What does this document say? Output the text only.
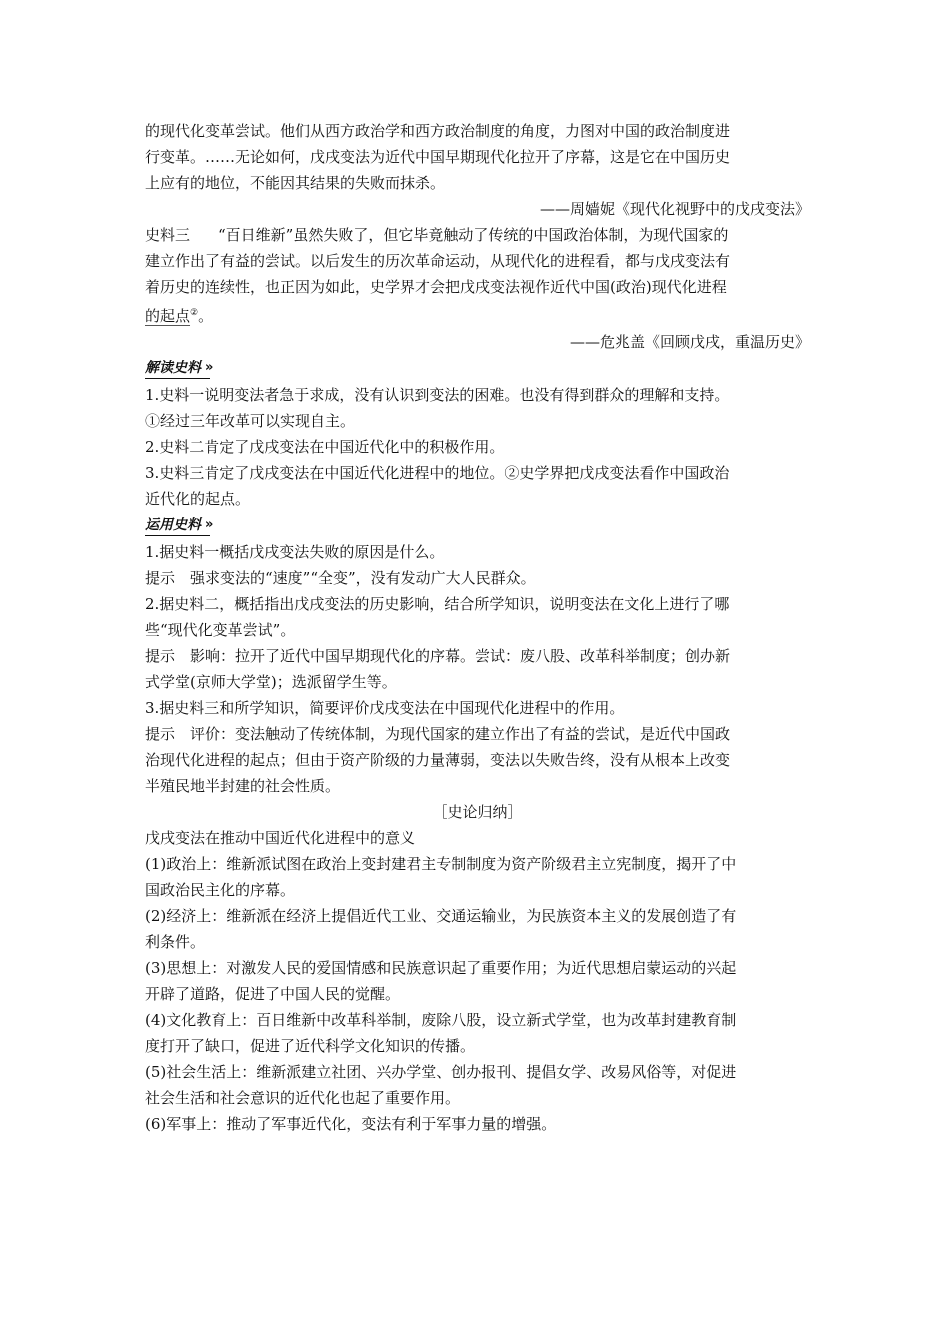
的现代化变革尝试。他们从西方政治学和西方政治制度的角度，力图对中国的政治制度进

行变革。……无论如何，戊戌变法为近代中国早期现代化拉开了序幕，这是它在中国历史

上应有的地位，不能因其结果的失败而抹杀。

——周嫱妮《现代化视野中的戊戌变法》

史料三 “百日维新”虽然失败了，但它毕竟触动了传统的中国政治体制，为现代国家的

建立作出了有益的尝试。以后发生的历次革命运动，从现代化的进程看，都与戊戌变法有

着历史的连续性，也正因为如此，史学界才会把戊戌变法视作近代中国(政治)现代化进程

的起点②。

——危兆盖《回顾戊戌，重温历史》

解读史料 »

1.史料一说明变法者急于求成，没有认识到变法的困难。也没有得到群众的理解和支持。

①经过三年改革可以实现自主。

2.史料二肯定了戊戌变法在中国近代化中的积极作用。

3.史料三肯定了戊戌变法在中国近代化进程中的地位。②史学界把戊戌变法看作中国政治

近代化的起点。

运用史料 »

1.据史料一概括戊戌变法失败的原因是什么。

提示　强求变法的“速度”“全变”，没有发动广大人民群众。

2.据史料二，概括指出戊戌变法的历史影响，结合所学知识，说明变法在文化上进行了哪

些“现代化变革尝试”。

提示　影响：拉开了近代中国早期现代化的序幕。尝试：废八股、改革科举制度；创办新

式学堂(京师大学堂)；选派留学生等。

3.据史料三和所学知识，简要评价戊戌变法在中国现代化进程中的作用。

提示　评价：变法触动了传统体制，为现代国家的建立作出了有益的尝试，是近代中国政

治现代化进程的起点；但由于资产阶级的力量薄弱，变法以失败告终，没有从根本上改变

半殖民地半封建的社会性质。

［史论归纳］

戊戌变法在推动中国近代化进程中的意义

(1)政治上：维新派试图在政治上变封建君主专制制度为资产阶级君主立宪制度，揭开了中

国政治民主化的序幕。

(2)经济上：维新派在经济上提倡近代工业、交通运输业，为民族资本主义的发展创造了有

利条件。

(3)思想上：对激发人民的爱国情感和民族意识起了重要作用；为近代思想启蒙运动的兴起

开辟了道路，促进了中国人民的觉醒。

(4)文化教育上：百日维新中改革科举制，废除八股，设立新式学堂，也为改革封建教育制

度打开了缺口，促进了近代科学文化知识的传播。

(5)社会生活上：维新派建立社团、兴办学堂、创办报刊、提倡女学、改易风俗等，对促进

社会生活和社会意识的近代化也起了重要作用。

(6)军事上：推动了军事近代化，变法有利于军事力量的增强。
